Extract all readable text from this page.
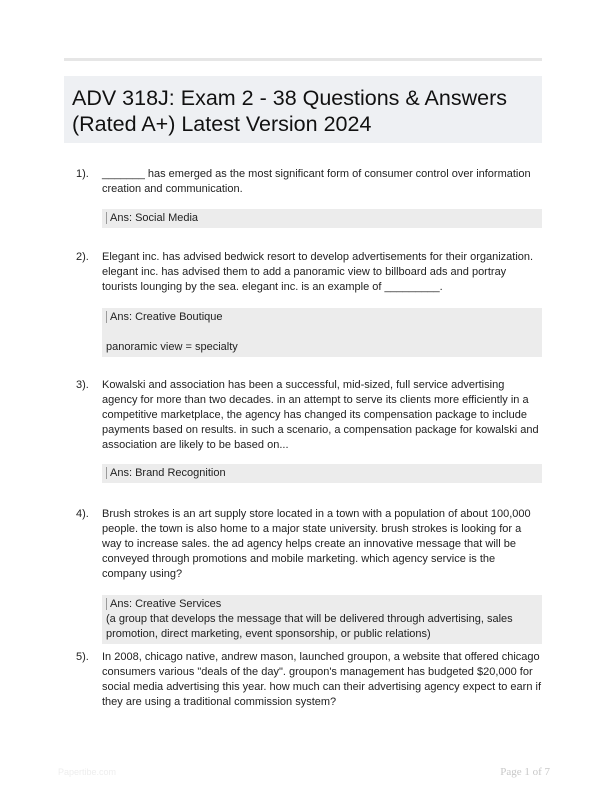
ADV 318J: Exam 2 - 38 Questions & Answers (Rated A+) Latest Version 2024
1). _______ has emerged as the most significant form of consumer control over information creation and communication.
Ans: Social Media
2). Elegant inc. has advised bedwick resort to develop advertisements for their organization. elegant inc. has advised them to add a panoramic view to billboard ads and portray tourists lounging by the sea. elegant inc. is an example of _________.
Ans: Creative Boutique
panoramic view = specialty
3). Kowalski and association has been a successful, mid-sized, full service advertising agency for more than two decades. in an attempt to serve its clients more efficiently in a competitive marketplace, the agency has changed its compensation package to include payments based on results. in such a scenario, a compensation package for kowalski and association are likely to be based on...
Ans: Brand Recognition
4). Brush strokes is an art supply store located in a town with a population of about 100,000 people. the town is also home to a major state university. brush strokes is looking for a way to increase sales. the ad agency helps create an innovative message that will be conveyed through promotions and mobile marketing. which agency service is the company using?
Ans: Creative Services
(a group that develops the message that will be delivered through advertising, sales promotion, direct marketing, event sponsorship, or public relations)
5). In 2008, chicago native, andrew mason, launched groupon, a website that offered chicago consumers various "deals of the day". groupon's management has budgeted $20,000 for social media advertising this year. how much can their advertising agency expect to earn if they are using a traditional commission system?
Papertibe.com	Page 1 of 7
